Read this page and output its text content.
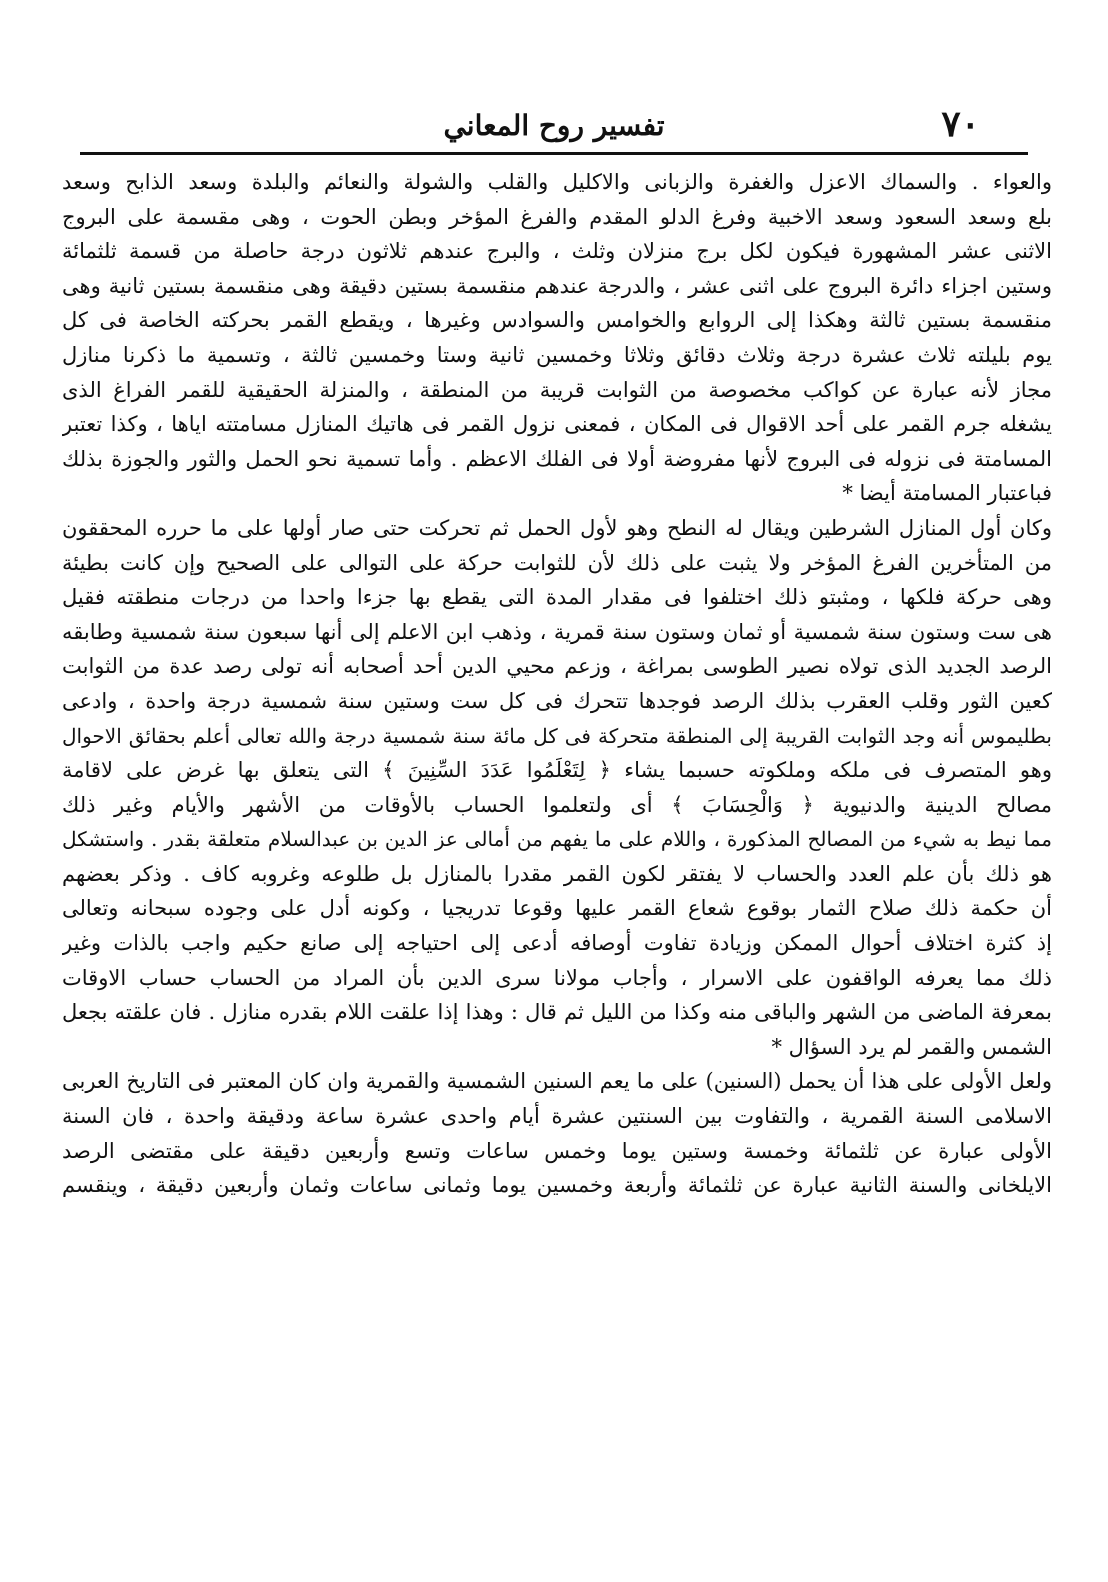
٧٠
تفسير روح المعاني
والعواء . والسماك الاعزل والغفرة والزبانى والاكليل والقلب والشولة والنعائم والبلدة وسعد الذابح وسعد
بلع وسعد السعود وسعد الاخبية وفرغ الدلو المقدم والفرغ المؤخر وبطن الحوت ، وهى مقسمة على البروج
الاثنى عشر المشهورة فيكون لكل برج منزلان وثلث ، والبرج عندهم ثلاثون درجة حاصلة من قسمة ثلثمائة
وستين اجزاء دائرة البروج على اثنى عشر ، والدرجة عندهم منقسمة بستين دقيقة وهى منقسمة بستين ثانية وهى
منقسمة بستين ثالثة وهكذا إلى الروابع والخوامس والسوادس وغيرها ، ويقطع القمر بحركته الخاصة فى كل
يوم بليلته ثلاث عشرة درجة وثلاث دقائق وثلاثا وخمسين ثانية وستا وخمسين ثالثة ، وتسمية ما ذكرنا منازل
مجاز لأنه عبارة عن كواكب مخصوصة من الثوابت قريبة من المنطقة ، والمنزلة الحقيقية للقمر الفراغ الذى
يشغله جرم القمر على أحد الاقوال فى المكان ، فمعنى نزول القمر فى هاتيك المنازل مسامتته اياها ، وكذا تعتبر
المسامتة فى نزوله فى البروج لأنها مفروضة أولا فى الفلك الاعظم . وأما تسمية نحو الحمل والثور والجوزة بذلك
فباعتبار المسامتة أيضا *
وكان أول المنازل الشرطين ويقال له النطح وهو لأول الحمل ثم تحركت حتى صار أولها على ما حرره المحققون
من المتأخرين الفرغ المؤخر ولا يثبت على ذلك لأن للثوابت حركة على التوالى على الصحيح وإن كانت بطيئة
وهى حركة فلكها ، ومثبتو ذلك اختلفوا فى مقدار المدة التى يقطع بها جزءا واحدا من درجات منطقته فقيل
هى ست وستون سنة شمسية أو ثمان وستون سنة قمرية ، وذهب ابن الاعلم إلى أنها سبعون سنة شمسية وطابقه
الرصد الجديد الذى تولاه نصير الطوسى بمراغة ، وزعم محيي الدين أحد أصحابه أنه تولى رصد عدة من الثوابت
كعين الثور وقلب العقرب بذلك الرصد فوجدها تتحرك فى كل ست وستين سنة شمسية درجة واحدة ، وادعى
بطليموس أنه وجد الثوابت القريبة إلى المنطقة متحركة فى كل مائة سنة شمسية درجة والله تعالى أعلم بحقائق الاحوال
وهو المتصرف فى ملكه وملكوته حسبما يشاء ﴿ لِتَعْلَمُوا عَدَدَ السِّنِينَ ﴾ التى يتعلق بها غرض على لاقامة
مصالح الدينية والدنيوية ﴿ وَالْحِسَابَ ﴾ أى ولتعلموا الحساب بالأوقات من الأشهر والأيام وغير ذلك
مما نيط به شيء من المصالح المذكورة ، واللام على ما يفهم من أمالى عز الدين بن عبدالسلام متعلقة بقدر . واستشكل
هو ذلك بأن علم العدد والحساب لا يفتقر لكون القمر مقدرا بالمنازل بل طلوعه وغروبه كاف . وذكر بعضهم
أن حكمة ذلك صلاح الثمار بوقوع شعاع القمر عليها وقوعا تدريجيا ، وكونه أدل على وجوده سبحانه وتعالى
إذ كثرة اختلاف أحوال الممكن وزيادة تفاوت أوصافه أدعى إلى احتياجه إلى صانع حكيم واجب بالذات وغير
ذلك مما يعرفه الواقفون على الاسرار ، وأجاب مولانا سرى الدين بأن المراد من الحساب حساب الاوقات
بمعرفة الماضى من الشهر والباقى منه وكذا من الليل ثم قال : وهذا إذا علقت اللام بقدره منازل . فان علقته بجعل
الشمس والقمر لم يرد السؤال *
ولعل الأولى على هذا أن يحمل (السنين) على ما يعم السنين الشمسية والقمرية وان كان المعتبر فى التاريخ العربى
الاسلامى السنة القمرية ، والتفاوت بين السنتين عشرة أيام واحدى عشرة ساعة ودقيقة واحدة ، فان السنة
الأولى عبارة عن ثلثمائة وخمسة وستين يوما وخمس ساعات وتسع وأربعين دقيقة على مقتضى الرصد
الايلخانى والسنة الثانية عبارة عن ثلثمائة وأربعة وخمسين يوما وثمانى ساعات وثمان وأربعين دقيقة ، وينقسم
